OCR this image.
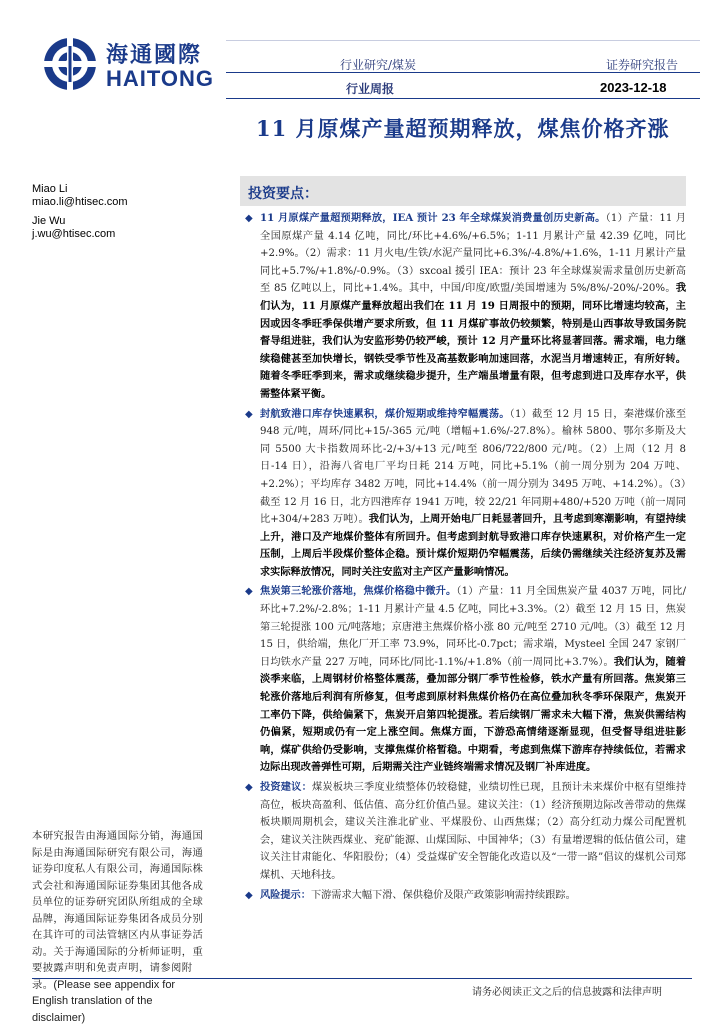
海通國際
HAITONG
行业研究/煤炭
行业周报
证券研究报告
2023-12-18
11 月原煤产量超预期释放，煤焦价格齐涨
Miao Li
miao.li@htisec.com
Jie Wu
j.wu@htisec.com
投资要点：
◆ 11 月原煤产量超预期释放，IEA 预计 23 年全球煤炭消费量创历史新高。（1）产量：11 月全国原煤产量 4.14 亿吨，同比/环比+4.6%/+6.5%；1-11 月累计产量 42.39 亿吨，同比+2.9%。（2）需求：11 月火电/生铁/水泥产量同比+6.3%/-4.8%/+1.6%，1-11 月累计产量同比+5.7%/+1.8%/-0.9%。（3）sxcoal 援引 IEA：预计 23 年全球煤炭需求量创历史新高至 85 亿吨以上，同比+1.4%。其中，中国/印度/欧盟/美国增速为 5%/8%/-20%/-20%。我们认为，11 月原煤产量释放超出我们在 11 月 19 日周报中的预期，同环比增速均较高，主因或因冬季旺季保供增产要求所致，但 11 月煤矿事故仍较频繁，特别是山西事故导致国务院督导组进驻，我们认为安监形势仍较严峻，预计 12 月产量环比将显著回落。需求端，电力继续稳健甚至加快增长，钢铁受季节性及高基数影响加速回落，水泥当月增速转正，有所好转。随着冬季旺季到来，需求或继续稳步提升，生产端虽增量有限，但考虑到进口及库存水平，供需整体紧平衡。
◆ 封航致港口库存快速累积，煤价短期或维持窄幅震荡。（1）截至 12 月 15 日，秦港煤价涨至 948 元/吨，周环/同比+15/-365 元/吨（增幅+1.6%/-27.8%）。榆林 5800、鄂尔多斯及大同 5500 大卡指数周环比-2/+3/+13 元/吨至 806/722/800 元/吨。（2）上周（12 月 8 日-14 日），沿海八省电厂平均日耗 214 万吨，同比+5.1%（前一周分别为 204 万吨、+2.2%）；平均库存 3482 万吨，同比+14.4%（前一周分别为 3495 万吨、+14.2%）。（3）截至 12 月 16 日，北方四港库存 1941 万吨，较 22/21 年同期+480/+520 万吨（前一周同比+304/+283 万吨）。我们认为，上周开始电厂日耗显著回升，且考虑到寒潮影响，有望持续上升，港口及产地煤价整体有所回升。但考虑到封航导致港口库存快速累积，对价格产生一定压制，上周后半段煤价整体企稳。预计煤价短期仍窄幅震荡，后续仍需继续关注经济复苏及需求实际释放情况，同时关注安监对主产区产量影响情况。
◆ 焦炭第三轮涨价落地，焦煤价格稳中微升。（1）产量：11 月全国焦炭产量 4037 万吨，同比/环比+7.2%/-2.8%；1-11 月累计产量 4.5 亿吨，同比+3.3%。（2）截至 12 月 15 日，焦炭第三轮提涨 100 元/吨落地；京唐港主焦煤价格小涨 80 元/吨至 2710 元/吨。（3）截至 12 月 15 日，供给端，焦化厂开工率 73.9%，同环比-0.7pct；需求端，Mysteel 全国 247 家钢厂日均铁水产量 227 万吨，同环比/同比-1.1%/+1.8%（前一周同比+3.7%）。我们认为，随着淡季来临，上周钢材价格整体震荡，叠加部分钢厂季节性检修，铁水产量有所回落。焦炭第三轮涨价落地后利润有所修复，但考虑到原材料焦煤价格仍在高位叠加秋冬季环保限产，焦炭开工率仍下降，供给偏紧下，焦炭开启第四轮提涨。若后续钢厂需求未大幅下滑，焦炭供需结构仍偏紧，短期或仍有一定上涨空间。焦煤方面，下游恐高情绪逐渐显现，但受督导组进驻影响，煤矿供给仍受影响，支撑焦煤价格暂稳。中期看，考虑到焦煤下游库存持续低位，若需求边际出现改善弹性可期，后期需关注产业链终端需求情况及钢厂补库进度。
◆ 投资建议：煤炭板块三季度业绩整体仍较稳健，业绩切性已现，且预计未来煤价中枢有望维持高位，板块高盈利、低估值、高分红价值凸显。建议关注：（1）经济预期边际改善带动的焦煤板块顺周期机会，建议关注淮北矿业、平煤股份、山西焦煤；（2）高分红动力煤公司配置机会，建议关注陕西煤业、兖矿能源、山煤国际、中国神华；（3）有量增逻辑的低估值公司，建议关注甘肃能化、华阳股份；（4）受益煤矿安全智能化改造以及“一带一路”倡议的煤机公司郑煤机、天地科技。
◆ 风险提示：下游需求大幅下滑、保供稳价及限产政策影响需持续跟踪。
本研究报告由海通国际分销，海通国际是由海通国际研究有限公司，海通证券印度私人有限公司，海通国际株式会社和海通国际证券集团其他各成员单位的证券研究团队所组成的全球品牌，海通国际证券集团各成员分别在其许可的司法管辖区内从事证券活动。关于海通国际的分析师证明，重要披露声明和免责声明，请参阅附录。(Please see appendix for English translation of the disclaimer)
请务必阅读正文之后的信息披露和法律声明
